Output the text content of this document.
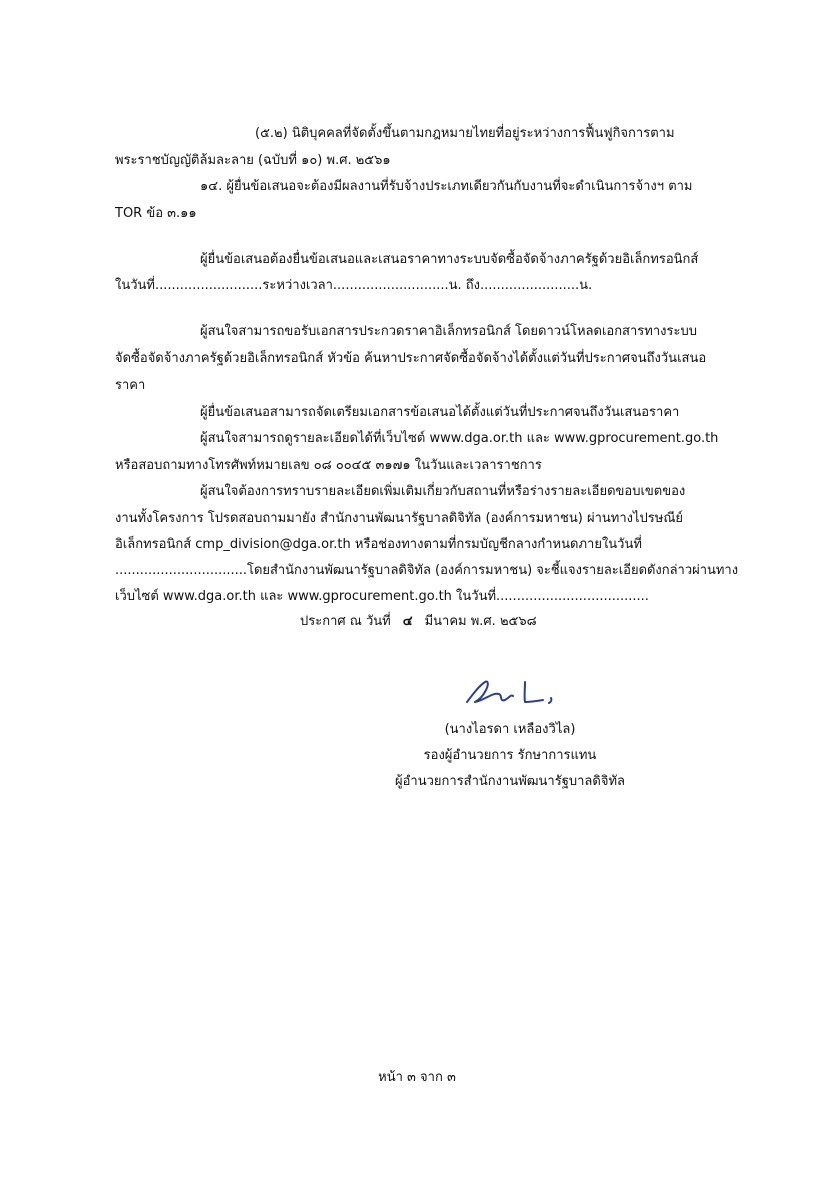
(๕.๒) นิติบุคคลที่จัดตั้งขึ้นตามกฎหมายไทยที่อยู่ระหว่างการฟื้นฟูกิจการตาม
พระราชบัญญัติล้มละลาย (ฉบับที่ ๑๐) พ.ศ. ๒๕๖๑
๑๔. ผู้ยื่นข้อเสนอจะต้องมีผลงานที่รับจ้างประเภทเดียวกันกับงานที่จะดำเนินการจ้างฯ ตาม
TOR ข้อ ๓.๑๑
ผู้ยื่นข้อเสนอต้องยื่นข้อเสนอและเสนอราคาทางระบบจัดซื้อจัดจ้างภาครัฐด้วยอิเล็กทรอนิกส์
ในวันที่..........................ระหว่างเวลา............................น. ถึง........................น.
ผู้สนใจสามารถขอรับเอกสารประกวดราคาอิเล็กทรอนิกส์ โดยดาวน์โหลดเอกสารทางระบบ
จัดซื้อจัดจ้างภาครัฐด้วยอิเล็กทรอนิกส์ หัวข้อ ค้นหาประกาศจัดซื้อจัดจ้างได้ตั้งแต่วันที่ประกาศจนถึงวันเสนอ
ราคา
ผู้ยื่นข้อเสนอสามารถจัดเตรียมเอกสารข้อเสนอได้ตั้งแต่วันที่ประกาศจนถึงวันเสนอราคา
ผู้สนใจสามารถดูรายละเอียดได้ที่เว็บไซต์ www.dga.or.th และ www.gprocurement.go.th
หรือสอบถามทางโทรศัพท์หมายเลข ๐๘ ๐๐๔๕ ๓๑๗๑ ในวันและเวลาราชการ
ผู้สนใจต้องการทราบรายละเอียดเพิ่มเติมเกี่ยวกับสถานที่หรือร่างรายละเอียดขอบเขตของ
งานทั้งโครงการ โปรดสอบถามมายัง สำนักงานพัฒนารัฐบาลดิจิทัล (องค์การมหาชน) ผ่านทางไปรษณีย์
อิเล็กทรอนิกส์ cmp_division@dga.or.th หรือช่องทางตามที่กรมบัญชีกลางกำหนดภายในวันที่
................................โดยสำนักงานพัฒนารัฐบาลดิจิทัล (องค์การมหาชน) จะชี้แจงรายละเอียดดังกล่าวผ่านทาง
เว็บไซต์ www.dga.or.th และ www.gprocurement.go.th ในวันที่.....................................
ประกาศ ณ วันที่ ๔ มีนาคม พ.ศ. ๒๕๖๘
(นางไอรดา เหลืองวิไล)
รองผู้อำนวยการ รักษาการแทน
ผู้อำนวยการสำนักงานพัฒนารัฐบาลดิจิทัล
หน้า ๓ จาก ๓
